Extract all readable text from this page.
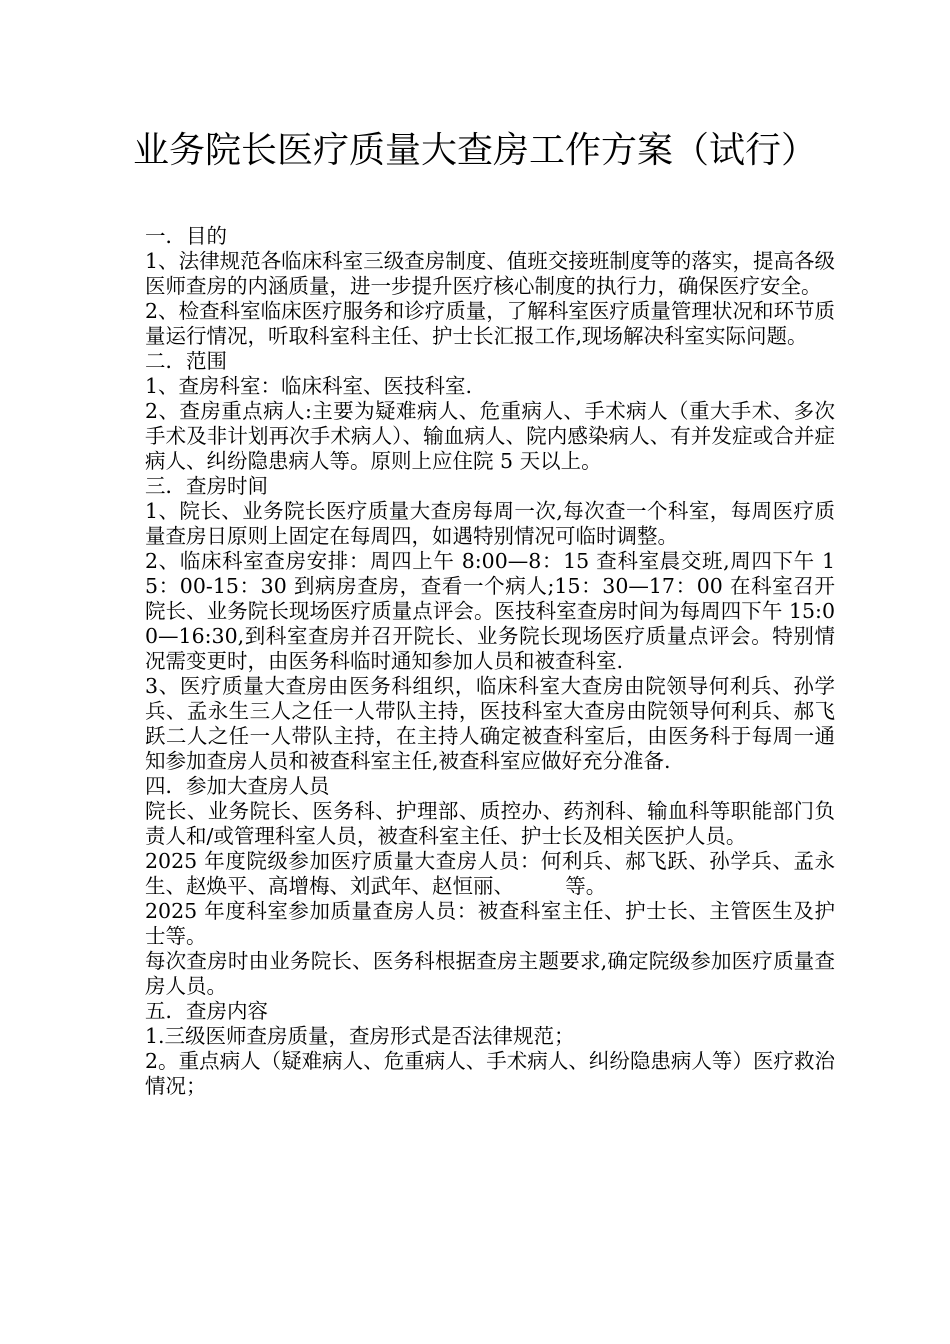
业务院长医疗质量大查房工作方案（试行）

一．目的

1、法律规范各临床科室三级查房制度、值班交接班制度等的落实，提高各级医师查房的内涵质量，进一步提升医疗核心制度的执行力，确保医疗安全。

2、检查科室临床医疗服务和诊疗质量，了解科室医疗质量管理状况和环节质量运行情况，听取科室科主任、护士长汇报工作,现场解决科室实际问题。

二．范围

1、查房科室：临床科室、医技科室.

2、查房重点病人:主要为疑难病人、危重病人、手术病人（重大手术、多次手术及非计划再次手术病人）、输血病人、院内感染病人、有并发症或合并症病人、纠纷隐患病人等。原则上应住院 5 天以上。

三．查房时间

1、院长、业务院长医疗质量大查房每周一次,每次查一个科室，每周医疗质量查房日原则上固定在每周四，如遇特别情况可临时调整。

2、临床科室查房安排：周四上午 8:00—8：15 查科室晨交班,周四下午 15：00-15：30 到病房查房，查看一个病人;15：30—17：00 在科室召开院长、业务院长现场医疗质量点评会。医技科室查房时间为每周四下午 15:00—16:30,到科室查房并召开院长、业务院长现场医疗质量点评会。特别情况需变更时，由医务科临时通知参加人员和被查科室.

3、医疗质量大查房由医务科组织，临床科室大查房由院领导何利兵、孙学兵、孟永生三人之任一人带队主持，医技科室大查房由院领导何利兵、郝飞跃二人之任一人带队主持，在主持人确定被查科室后，由医务科于每周一通知参加查房人员和被查科室主任,被查科室应做好充分准备.

四．参加大查房人员

院长、业务院长、医务科、护理部、质控办、药剂科、输血科等职能部门负责人和/或管理科室人员，被查科室主任、护士长及相关医护人员。

2025 年度院级参加医疗质量大查房人员：何利兵、郝飞跃、孙学兵、孟永生、赵焕平、高增梅、刘武年、赵恒丽、　　　等。

2025 年度科室参加质量查房人员：被查科室主任、护士长、主管医生及护士等。

每次查房时由业务院长、医务科根据查房主题要求,确定院级参加医疗质量查房人员。

五．查房内容

1.三级医师查房质量，查房形式是否法律规范；

2。重点病人（疑难病人、危重病人、手术病人、纠纷隐患病人等）医疗救治情况；
